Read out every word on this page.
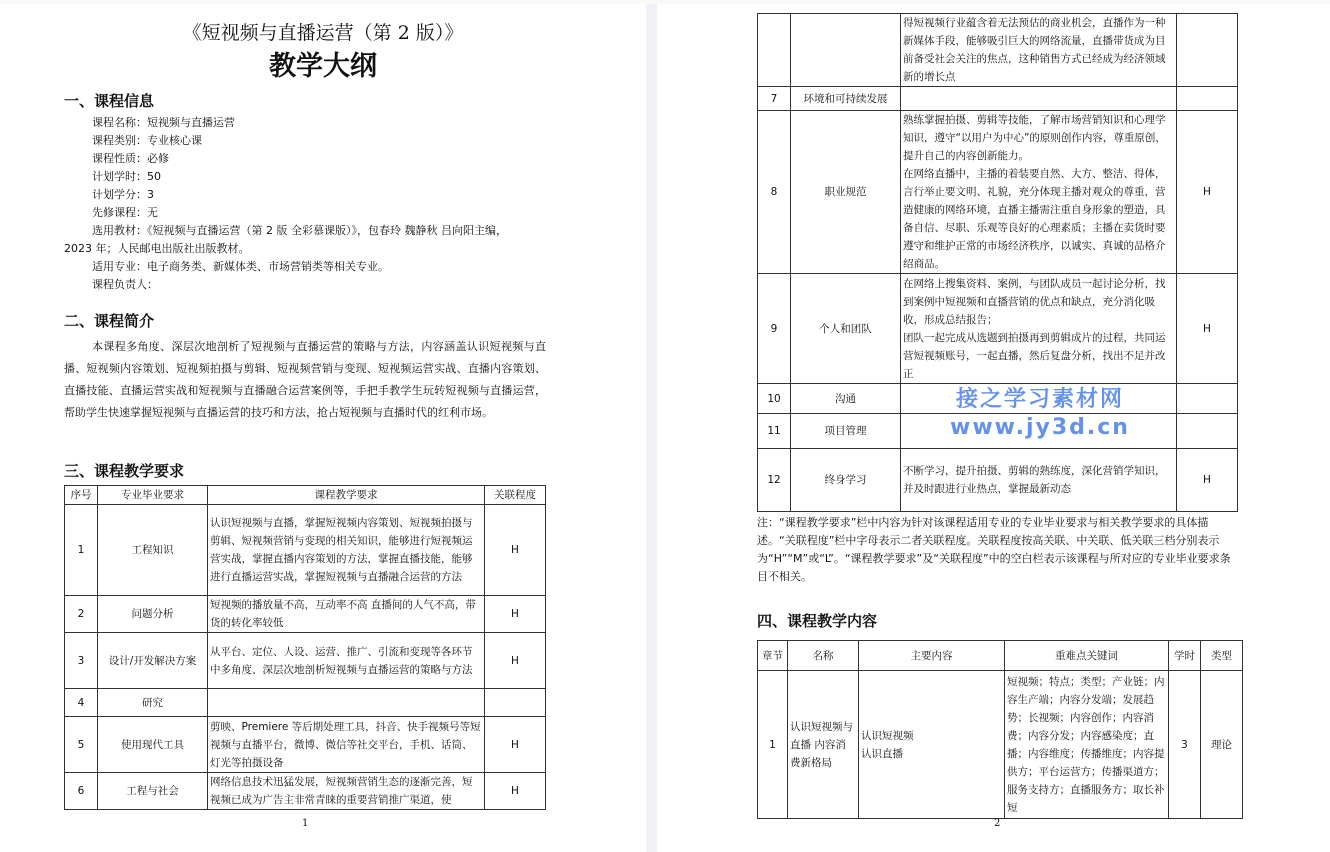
《短视频与直播运营（第 2 版）》
教学大纲
一、课程信息
课程名称：短视频与直播运营
课程类别：专业核心课
课程性质：必修
计划学时：50
计划学分：3
先修课程：无
选用教材：《短视频与直播运营（第 2 版 全彩慕课版）》，包春玲 魏静秋 吕向阳主编，
2023 年；人民邮电出版社出版教材。
适用专业：电子商务类、新媒体类、市场营销类等相关专业。
课程负责人：
二、课程简介
本课程多角度、深层次地剖析了短视频与直播运营的策略与方法，内容涵盖认识短视频与直播、短视频内容策划、短视频拍摄与剪辑、短视频营销与变现、短视频运营实战、直播内容策划、直播技能、直播运营实战和短视频与直播融合运营案例等，手把手教学生玩转短视频与直播运营，帮助学生快速掌握短视频与直播运营的技巧和方法，抢占短视频与直播时代的红利市场。
三、课程教学要求
序号	专业毕业要求	课程教学要求	关联程度
1	工程知识	认识短视频与直播，掌握短视频内容策划、短视频拍摄与剪辑、短视频营销与变现的相关知识，能够进行短视频运营实战，掌握直播内容策划的方法，掌握直播技能，能够进行直播运营实战，掌握短视频与直播融合运营的方法	H
2	问题分析	短视频的播放量不高，互动率不高 直播间的人气不高，带货的转化率较低	H
3	设计/开发解决方案	从平台、定位、人设、运营、推广、引流和变现等各环节中多角度、深层次地剖析短视频与直播运营的策略与方法	H
4	研究		
5	使用现代工具	剪映、Premiere 等后期处理工具，抖音、快手视频号等短视频与直播平台，微博、微信等社交平台，手机、话筒、灯光等拍摄设备	H
6	工程与社会	网络信息技术迅猛发展，短视频营销生态的逐渐完善，短视频已成为广告主非常青睐的重要营销推广渠道，使	H
1
		得短视频行业蕴含着无法预估的商业机会，直播作为一种新媒体手段，能够吸引巨大的网络流量，直播带货成为目前备受社会关注的焦点，这种销售方式已经成为经济领域新的增长点	
7	环境和可持续发展		
8	职业规范	熟练掌握拍摄、剪辑等技能，了解市场营销知识和心理学知识，遵守“以用户为中心”的原则创作内容，尊重原创，提升自己的内容创新能力。
在网络直播中，主播的着装要自然、大方、整洁、得体，言行举止要文明、礼貌，充分体现主播对观众的尊重，营造健康的网络环境，直播主播需注重自身形象的塑造，具备自信、尽职、乐观等良好的心理素质；主播在卖货时要遵守和维护正常的市场经济秩序，以诚实、真诚的品格介绍商品。	H
9	个人和团队	在网络上搜集资料、案例，与团队成员一起讨论分析，找到案例中短视频和直播营销的优点和缺点，充分消化吸收，形成总结报告；
团队一起完成从选题到拍摄再到剪辑成片的过程，共同运营短视频账号，一起直播，然后复盘分析，找出不足并改正	H
10	沟通		
11	项目管理		
12	终身学习	不断学习，提升拍摄、剪辑的熟练度，深化营销学知识，并及时跟进行业热点，掌握最新动态	H
注：“课程教学要求”栏中内容为针对该课程适用专业的专业毕业要求与相关教学要求的具体描述。“关联程度”栏中字母表示二者关联程度。关联程度按高关联、中关联、低关联三档分别表示为“H”“M”或“L”。“课程教学要求”及“关联程度”中的空白栏表示该课程与所对应的专业毕业要求条目不相关。
四、课程教学内容
章节	名称	主要内容	重难点关键词	学时	类型
1	认识短视频与直播 内容消费新格局	认识短视频
认识直播	短视频；特点；类型；产业链；内容生产端；内容分发端；发展趋势；长视频；内容创作；内容消费；内容分发；内容感染度；直播；内容维度；传播维度；内容提供方；平台运营方；传播渠道方；服务支持方；直播服务方；取长补短	3	理论
2
接之学习素材网 www.jy3d.cn
